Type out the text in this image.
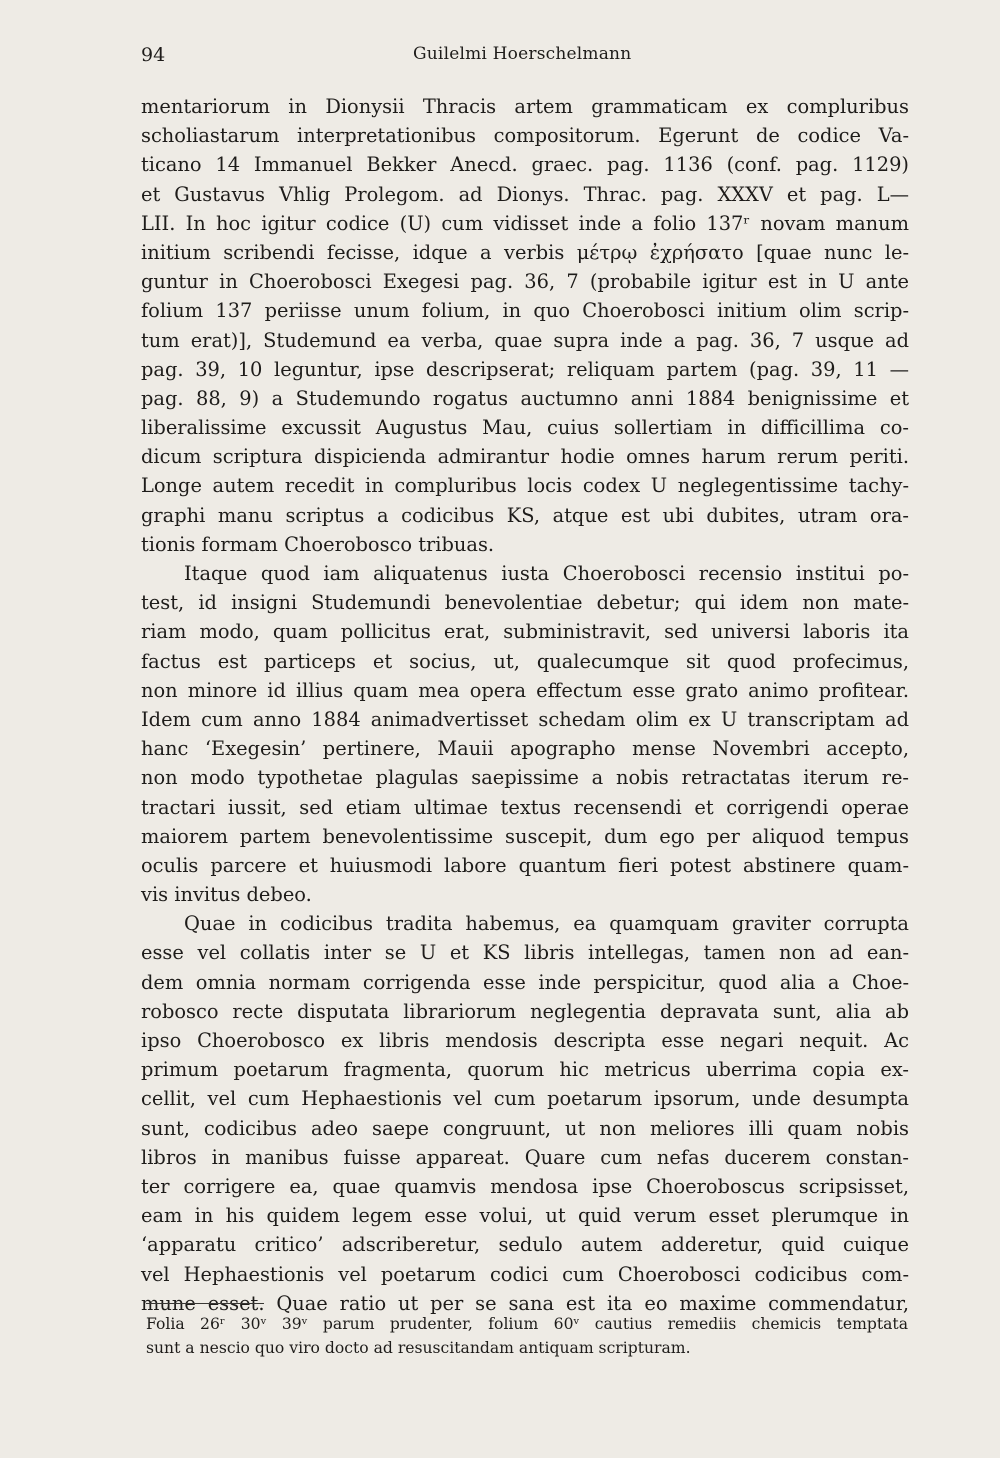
94	Guilelmi Hoerschelmann
mentariorum in Dionysii Thracis artem grammaticam ex compluribus
scholiastarum interpretationibus compositorum. Egerunt de codice Va-
ticano 14 Immanuel Bekker Anecd. graec. pag. 1136 (conf. pag. 1129)
et Gustavus Vhlig Prolegom. ad Dionys. Thrac. pag. XXXV et pag. L—
LII. In hoc igitur codice (U) cum vidisset inde a folio 137ʳ novam manum
initium scribendi fecisse, idque a verbis μέτρῳ ἐχρήσατο [quae nunc le-
guntur in Choerobosci Exegesi pag. 36, 7 (probabile igitur est in U ante
folium 137 periisse unum folium, in quo Choerobosci initium olim scrip-
tum erat)], Studemund ea verba, quae supra inde a pag. 36, 7 usque ad
pag. 39, 10 leguntur, ipse descripserat; reliquam partem (pag. 39, 11 —
pag. 88, 9) a Studemundo rogatus auctumno anni 1884 benignissime et
liberalissime excussit Augustus Mau, cuius sollertiam in difficillima co-
dicum scriptura dispicienda admirantur hodie omnes harum rerum periti.
Longe autem recedit in compluribus locis codex U neglegentissime tachy-
graphi manu scriptus a codicibus KS, atque est ubi dubites, utram ora-
tionis formam Choerobosco tribuas.
Itaque quod iam aliquatenus iusta Choerobosci recensio institui po-
test, id insigni Studemundi benevolentiae debetur; qui idem non mate-
riam modo, quam pollicitus erat, subministravit, sed universi laboris ita
factus est particeps et socius, ut, qualecumque sit quod profecimus,
non minore id illius quam mea opera effectum esse grato animo profitear.
Idem cum anno 1884 animadvertisset schedam olim ex U transcriptam ad
hanc ‘Exegesin’ pertinere, Mauii apographo mense Novembri accepto,
non modo typothetae plagulas saepissime a nobis retractatas iterum re-
tractari iussit, sed etiam ultimae textus recensendi et corrigendi operae
maiorem partem benevolentissime suscepit, dum ego per aliquod tempus
oculis parcere et huiusmodi labore quantum fieri potest abstinere quam-
vis invitus debeo.
Quae in codicibus tradita habemus, ea quamquam graviter corrupta
esse vel collatis inter se U et KS libris intellegas, tamen non ad ean-
dem omnia normam corrigenda esse inde perspicitur, quod alia a Choe-
robosco recte disputata librariorum neglegentia depravata sunt, alia ab
ipso Choerobosco ex libris mendosis descripta esse negari nequit. Ac
primum poetarum fragmenta, quorum hic metricus uberrima copia ex-
cellit, vel cum Hephaestionis vel cum poetarum ipsorum, unde desumpta
sunt, codicibus adeo saepe congruunt, ut non meliores illi quam nobis
libros in manibus fuisse appareat. Quare cum nefas ducerem constan-
ter corrigere ea, quae quamvis mendosa ipse Choeroboscus scripsisset,
eam in his quidem legem esse volui, ut quid verum esset plerumque in
‘apparatu critico’ adscriberetur, sedulo autem adderetur, quid cuique
vel Hephaestionis vel poetarum codici cum Choerobosci codicibus com-
mune esset. Quae ratio ut per se sana est ita eo maxime commendatur,
Folia 26ʳ 30ᵛ 39ᵛ parum prudenter, folium 60ᵛ cautius remediis chemicis temptata
sunt a nescio quo viro docto ad resuscitandam antiquam scripturam.
